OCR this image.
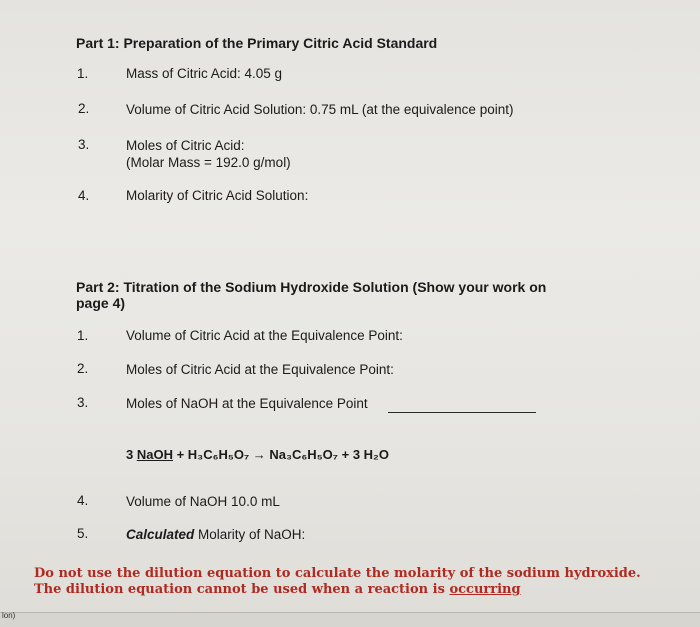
Part 1: Preparation of the Primary Citric Acid Standard
1.	Mass of Citric Acid: 4.05 g
2.	Volume of Citric Acid Solution: 0.75 mL (at the equivalence point)
3.	Moles of Citric Acid:
(Molar Mass = 192.0 g/mol)
4.	Molarity of Citric Acid Solution:
Part 2: Titration of the Sodium Hydroxide Solution (Show your work on
page 4)
1.	Volume of Citric Acid at the Equivalence Point:
2.	Moles of Citric Acid at the Equivalence Point:
3.	Moles of NaOH at the Equivalence Point
3 NaOH + H₃C₆H₅O₇ → Na₃C₆H₅O₇ + 3 H₂O
4.	Volume of NaOH 10.0 mL
5.	Calculated Molarity of NaOH:
Do not use the dilution equation to calculate the molarity of the sodium hydroxide.
The dilution equation cannot be used when a reaction is occurring
lon)
